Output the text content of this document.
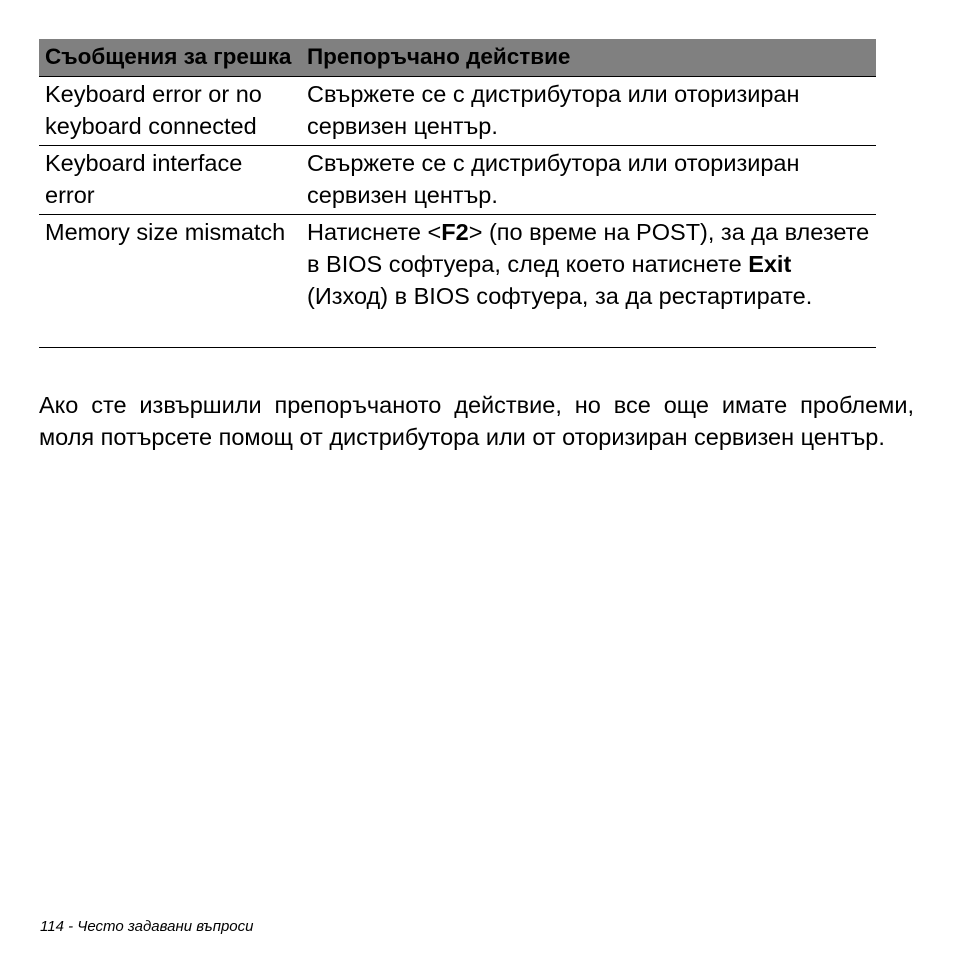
Съобщения за грешка	Препоръчано действие
Keyboard error or no keyboard connected	Свържете се с дистрибутора или оторизиран сервизен център.
Keyboard interface error	Свържете се с дистрибутора или оторизиран сервизен център.
Memory size mismatch	Натиснете <F2> (по време на POST), за да влезете в BIOS софтуера, след което натиснете Exit (Изход) в BIOS софтуера, за да рестартирате.

Ако сте извършили препоръчаното действие, но все още имате проблеми, моля потърсете помощ от дистрибутора или от оторизиран сервизен център.

114 - Често задавани въпроси
